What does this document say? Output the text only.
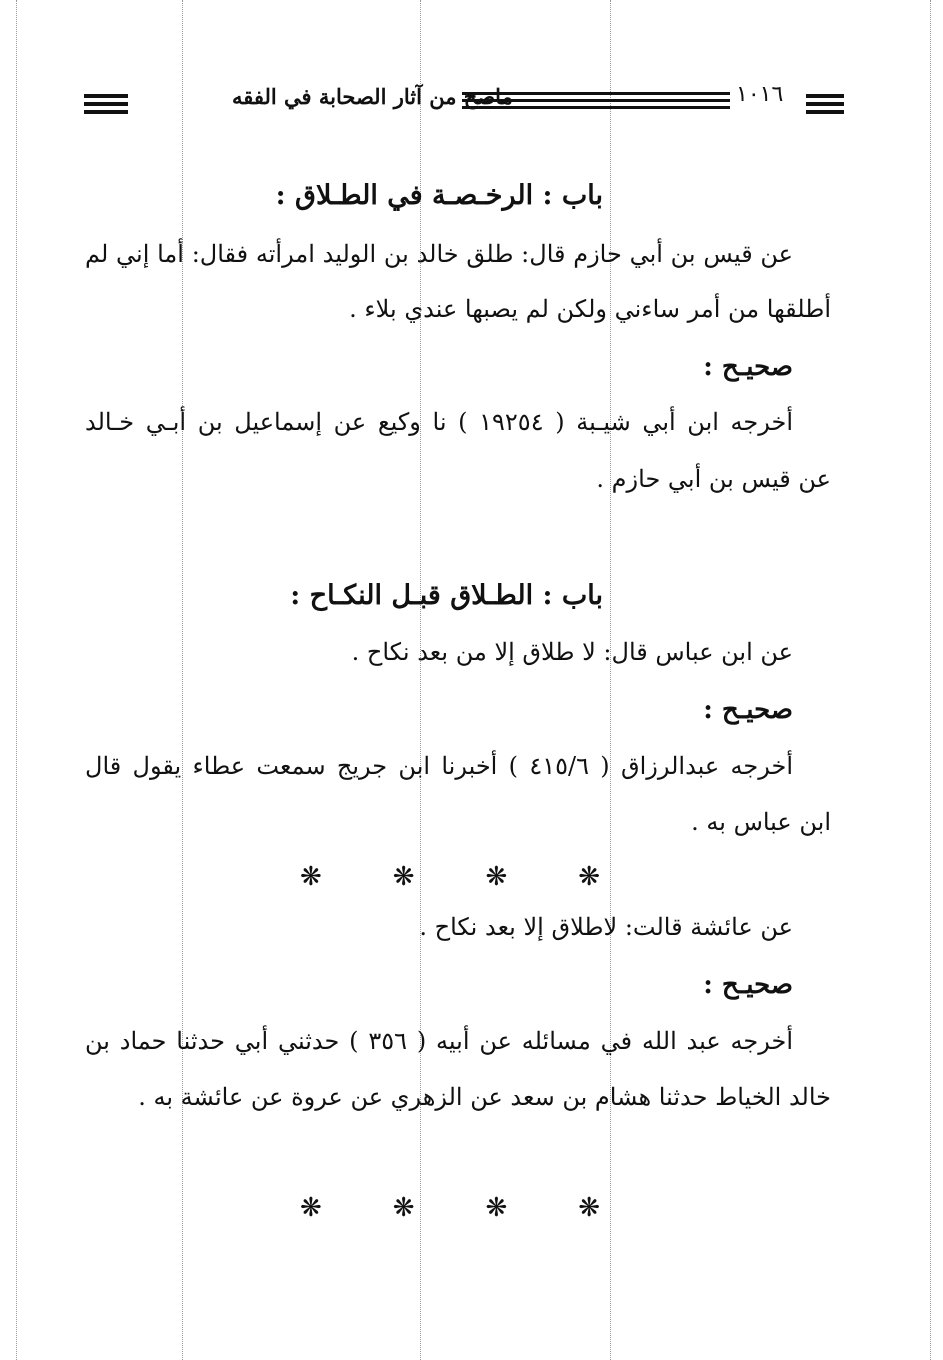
ماصح من آثار الصحابة في الفقه	١٠١٦
باب : الرخـصـة في الطـلاق :
عن قيس بن أبي حازم قال: طلق خالد بن الوليد امرأته فقال: أما إني لم
أطلقها من أمر ساءني ولكن لم يصبها عندي بلاء .
صحيـح :
أخرجه ابن أبي شيـبة ( ١٩٢٥٤ ) نا وكيع عن إسماعيل بن أبـي خـالد
عن قيس بن أبي حازم .
باب : الطـلاق قبـل النكـاح :
عن ابن عباس قال: لا طلاق إلا من بعد نكاح .
صحيـح :
أخرجه عبدالرزاق ( ٤١٥/٦ ) أخبرنا ابن جريج سمعت عطاء يقول قال
ابن عباس به .
❋
❋
❋
❋
عن عائشة قالت: لاطلاق إلا بعد نكاح .
صحيـح :
أخرجه عبد الله في مسائله عن أبيه ( ٣٥٦ ) حدثني أبي حدثنا حماد بن
خالد الخياط حدثنا هشام بن سعد عن الزهري عن عروة عن عائشة به .
❋
❋
❋
❋
